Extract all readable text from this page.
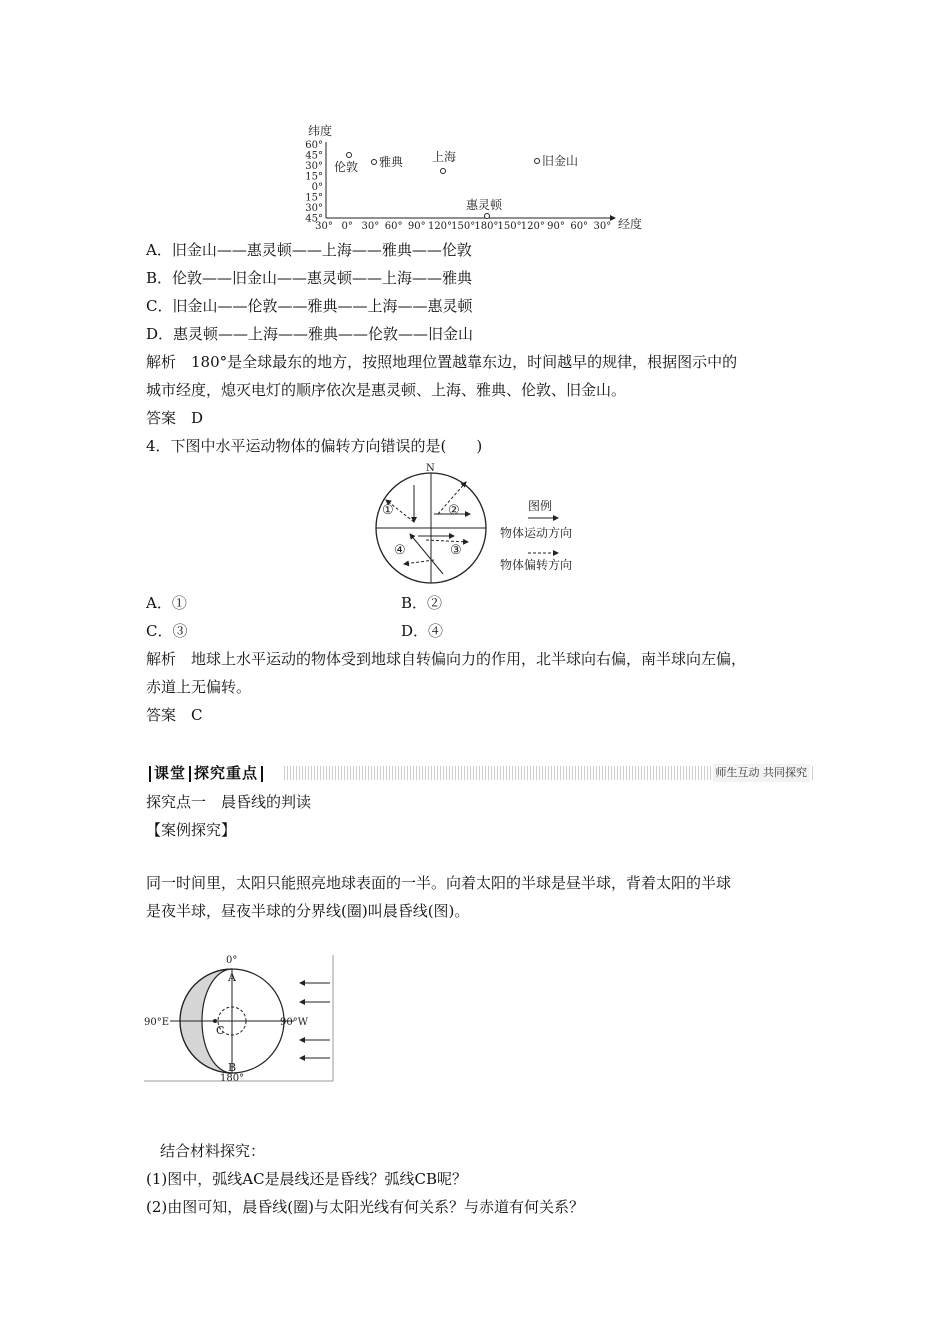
纬度
60°
45°
30°
15°
0°
15°
30°
45°
30° 0° 30° 60° 90° 120° 150° 180° 150° 120° 90° 60° 30° 经度
伦敦 雅典 上海
惠灵顿
旧金山
A．旧金山——惠灵顿——上海——雅典——伦敦
B．伦敦——旧金山——惠灵顿——上海——雅典
C．旧金山——伦敦——雅典——上海——惠灵顿
D．惠灵顿——上海——雅典——伦敦——旧金山
解析　180°是全球最东的地方，按照地理位置越靠东边，时间越早的规律，根据图示中的
城市经度，熄灭电灯的顺序依次是惠灵顿、上海、雅典、伦敦、旧金山。
答案　D
4．下图中水平运动物体的偏转方向错误的是(　　)
N
①	②
③
④
图例
物体运动方向
物体偏转方向
A．①	B．②
C．③	D．④
解析　地球上水平运动的物体受到地球自转偏向力的作用，北半球向右偏，南半球向左偏，
赤道上无偏转。
答案　C
课堂 探究重点	师生互动 共同探究
探究点一　晨昏线的判读
【案例探究】
同一时间里，太阳只能照亮地球表面的一半。向着太阳的半球是昼半球，背着太阳的半球
是夜半球，昼夜半球的分界线(圈)叫晨昏线(图)。
0°
180°
90°E	90°W
A
B
C
结合材料探究：
(1)图中，弧线AC是晨线还是昏线？弧线CB呢？
(2)由图可知，晨昏线(圈)与太阳光线有何关系？与赤道有何关系？
